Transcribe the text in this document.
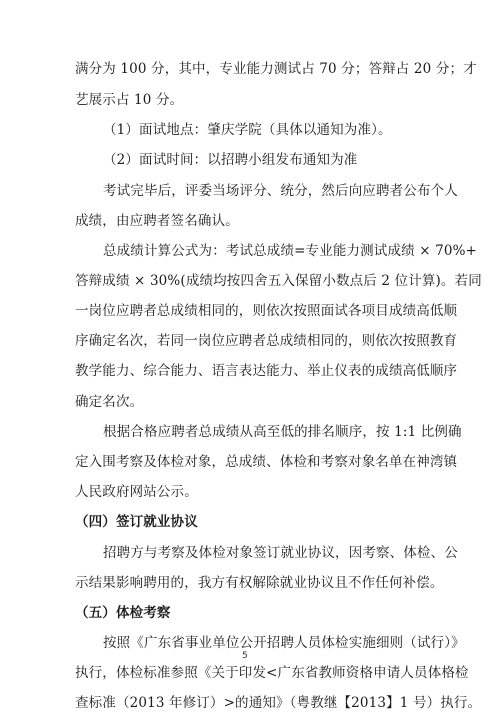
满分为 100 分，其中，专业能力测试占 70 分；答辩占 20 分；才
艺展示占 10 分。
（1）面试地点：肇庆学院（具体以通知为准）。
（2）面试时间：以招聘小组发布通知为准
考试完毕后，评委当场评分、统分，然后向应聘者公布个人
成绩，由应聘者签名确认。
总成绩计算公式为：考试总成绩=专业能力测试成绩 × 70%+
答辩成绩 × 30%(成绩均按四舍五入保留小数点后 2 位计算)。若同
一岗位应聘者总成绩相同的，则依次按照面试各项目成绩高低顺
序确定名次，若同一岗位应聘者总成绩相同的，则依次按照教育
教学能力、综合能力、语言表达能力、举止仪表的成绩高低顺序
确定名次。
根据合格应聘者总成绩从高至低的排名顺序，按 1:1 比例确
定入围考察及体检对象，总成绩、体检和考察对象名单在神湾镇
人民政府网站公示。
（四）签订就业协议
招聘方与考察及体检对象签订就业协议，因考察、体检、公
示结果影响聘用的，我方有权解除就业协议且不作任何补偿。
（五）体检考察
按照《广东省事业单位公开招聘人员体检实施细则（试行）》
执行，体检标准参照《关于印发<广东省教师资格申请人员体格检
查标准（2013 年修订）>的通知》（粤教继【2013】1 号）执行。
5
